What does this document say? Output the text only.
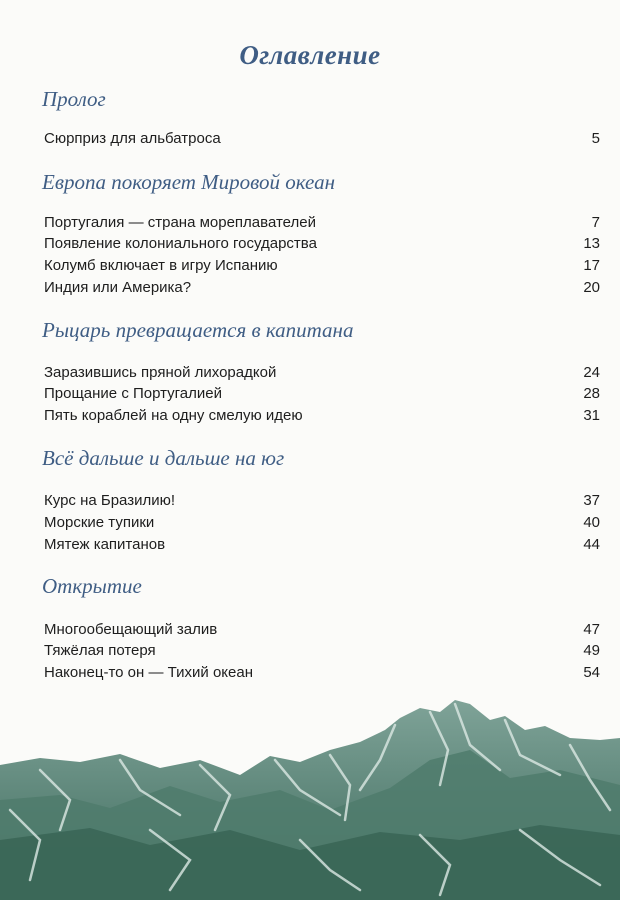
Оглавление
Пролог
Сюрприз для альбатроса	5
Европа покоряет Мировой океан
Португалия — страна мореплавателей	7
Появление колониального государства	13
Колумб включает в игру Испанию	17
Индия или Америка?	20
Рыцарь превращается в капитана
Заразившись пряной лихорадкой	24
Прощание с Португалией	28
Пять кораблей на одну смелую идею	31
Всё дальше и дальше на юг
Курс на Бразилию!	37
Морские тупики	40
Мятеж капитанов	44
Открытие
Многообещающий залив	47
Тяжёлая потеря	49
Наконец-то он — Тихий океан	54
